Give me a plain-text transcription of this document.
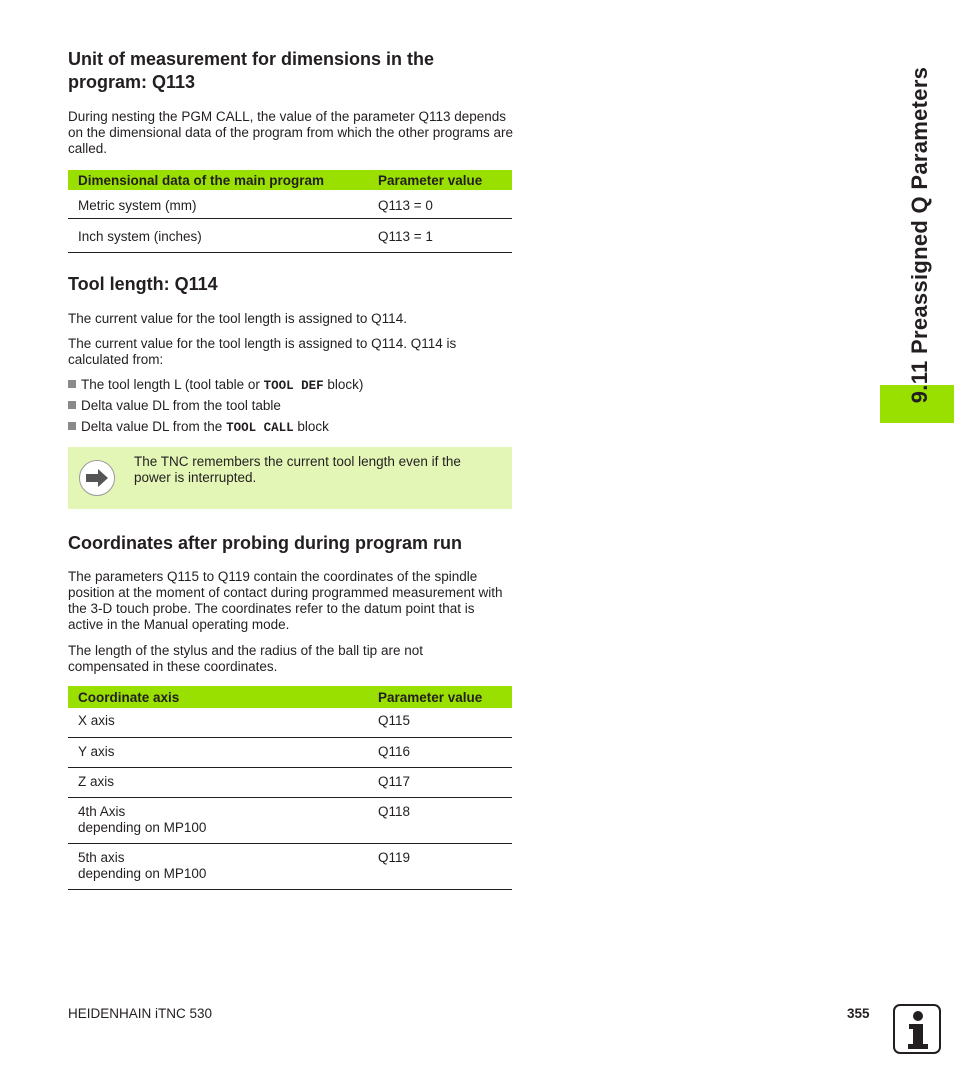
9.11 Preassigned Q Parameters
Unit of measurement for dimensions in the program: Q113

During nesting the PGM CALL, the value of the parameter Q113 depends on the dimensional data of the program from which the other programs are called.

Dimensional data of the main program	Parameter value
Metric system (mm)	Q113 = 0
Inch system (inches)	Q113 = 1
Tool length: Q114

The current value for the tool length is assigned to Q114.

The current value for the tool length is assigned to Q114. Q114 is calculated from:

The tool length L (tool table or TOOL DEF block)
Delta value DL from the tool table
Delta value DL from the TOOL CALL block
The TNC remembers the current tool length even if the power is interrupted.
Coordinates after probing during program run

The parameters Q115 to Q119 contain the coordinates of the spindle position at the moment of contact during programmed measurement with the 3-D touch probe. The coordinates refer to the datum point that is active in the Manual operating mode.

The length of the stylus and the radius of the ball tip are not compensated in these coordinates.

Coordinate axis	Parameter value
X axis	Q115
Y axis	Q116
Z axis	Q117
4th Axis
depending on MP100	Q118
5th axis
depending on MP100	Q119
HEIDENHAIN iTNC 530	355
